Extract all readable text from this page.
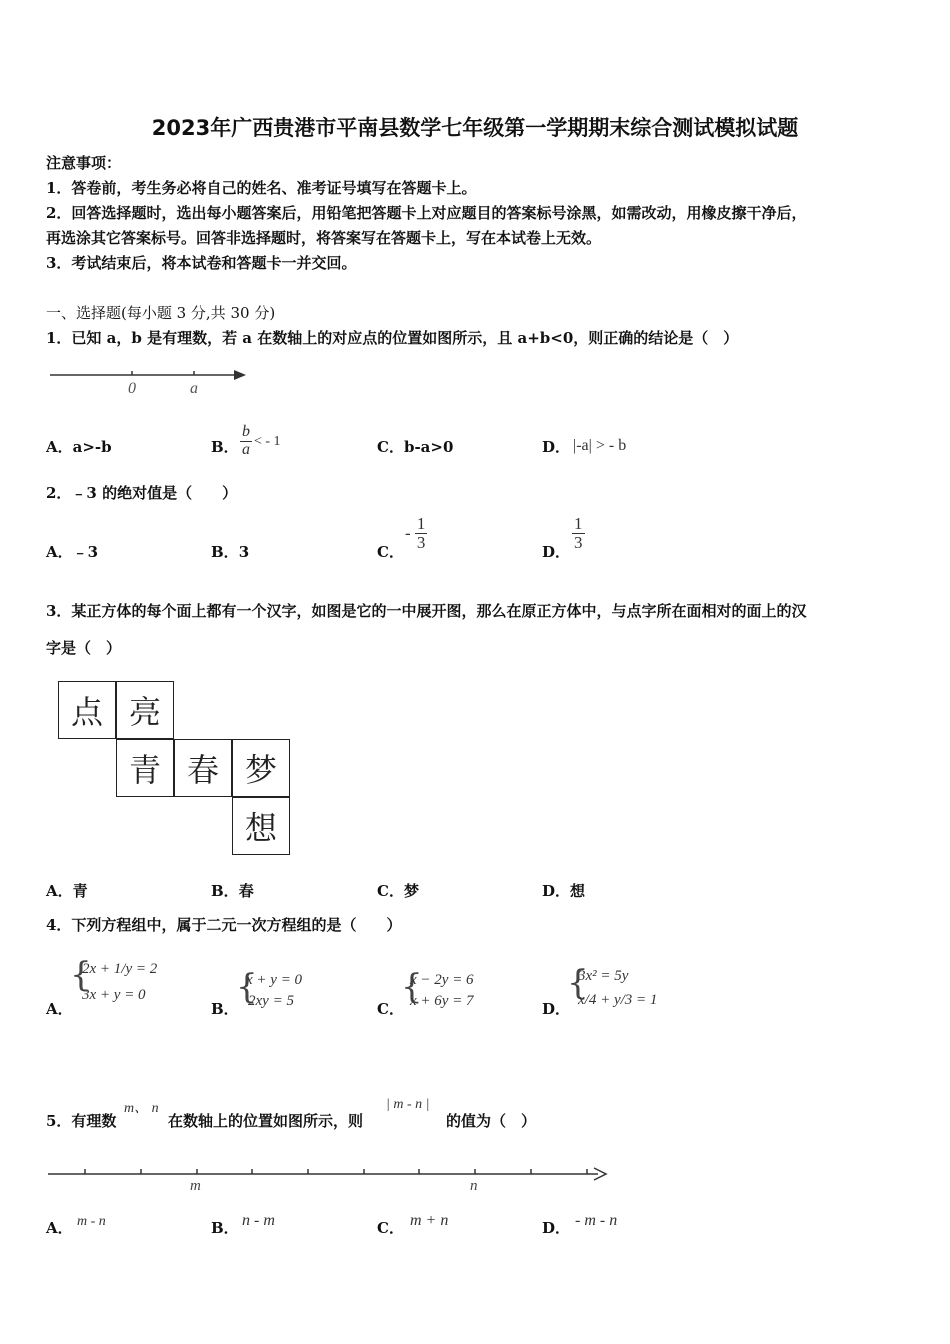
2023年广西贵港市平南县数学七年级第一学期期末综合测试模拟试题
注意事项：
1．答卷前，考生务必将自己的姓名、准考证号填写在答题卡上。
2．回答选择题时，选出每小题答案后，用铅笔把答题卡上对应题目的答案标号涂黑，如需改动，用橡皮擦干净后，
再选涂其它答案标号。回答非选择题时，将答案写在答题卡上，写在本试卷上无效。
3．考试结束后，将本试卷和答题卡一并交回。
一、选择题(每小题 3 分,共 30 分)
1．已知 a，b 是有理数，若 a 在数轴上的对应点的位置如图所示，且 a+b<0，则正确的结论是（　）
0	a
A．a>-b	B． $\frac{b}{a}$ < - 1	C．b-a>0	D． |-a| > - b
2．﹣3 的绝对值是（　　）
A．﹣3	B．3	C．
- $\frac{1}{3}$
D．
$\frac{1}{3}$
3．某正方体的每个面上都有一个汉字，如图是它的一中展开图，那么在原正方体中，与点字所在面相对的面上的汉
字是（　）
点 亮
青 春 梦
想
A．青	B．春	C．梦	D．想
4．下列方程组中，属于二元一次方程组的是（　　）
A．
{
2x + 1/y = 2
3x + y = 0
B．
{
x + y = 0
2xy = 5	C．
{
x − 2y = 6
x + 6y = 7	D．
{
3x² = 5y
x/4 + y/3 = 1
5．有理数
m、 n
在数轴上的位置如图所示，则
| m - n |
的值为（　）
m	n
A． m - n	B． n - m	C． m + n	D． - m - n
